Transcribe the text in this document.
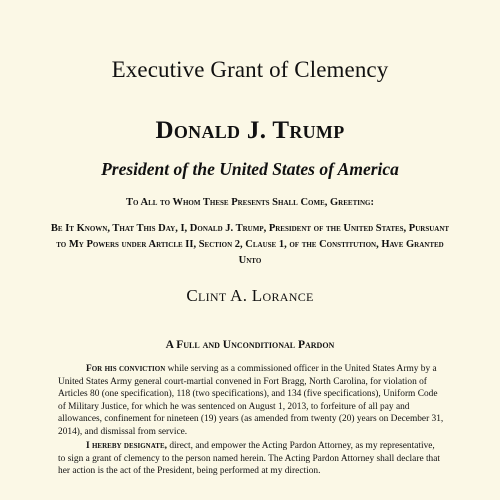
Executive Grant of Clemency
Donald J. Trump
President of the United States of America
To All to Whom These Presents Shall Come, Greeting:
Be It Known, That This Day, I, Donald J. Trump, President of the United States, Pursuant to My Powers under Article II, Section 2, Clause 1, of the Constitution, Have Granted Unto
Clint A. Lorance
A Full and Unconditional Pardon
For his conviction while serving as a commissioned officer in the United States Army by a United States Army general court-martial convened in Fort Bragg, North Carolina, for violation of Articles 80 (one specification), 118 (two specifications), and 134 (five specifications), Uniform Code of Military Justice, for which he was sentenced on August 1, 2013, to forfeiture of all pay and allowances, confinement for nineteen (19) years (as amended from twenty (20) years on December 31, 2014), and dismissal from service.
I hereby designate, direct, and empower the Acting Pardon Attorney, as my representative, to sign a grant of clemency to the person named herein. The Acting Pardon Attorney shall declare that her action is the act of the President, being performed at my direction.
